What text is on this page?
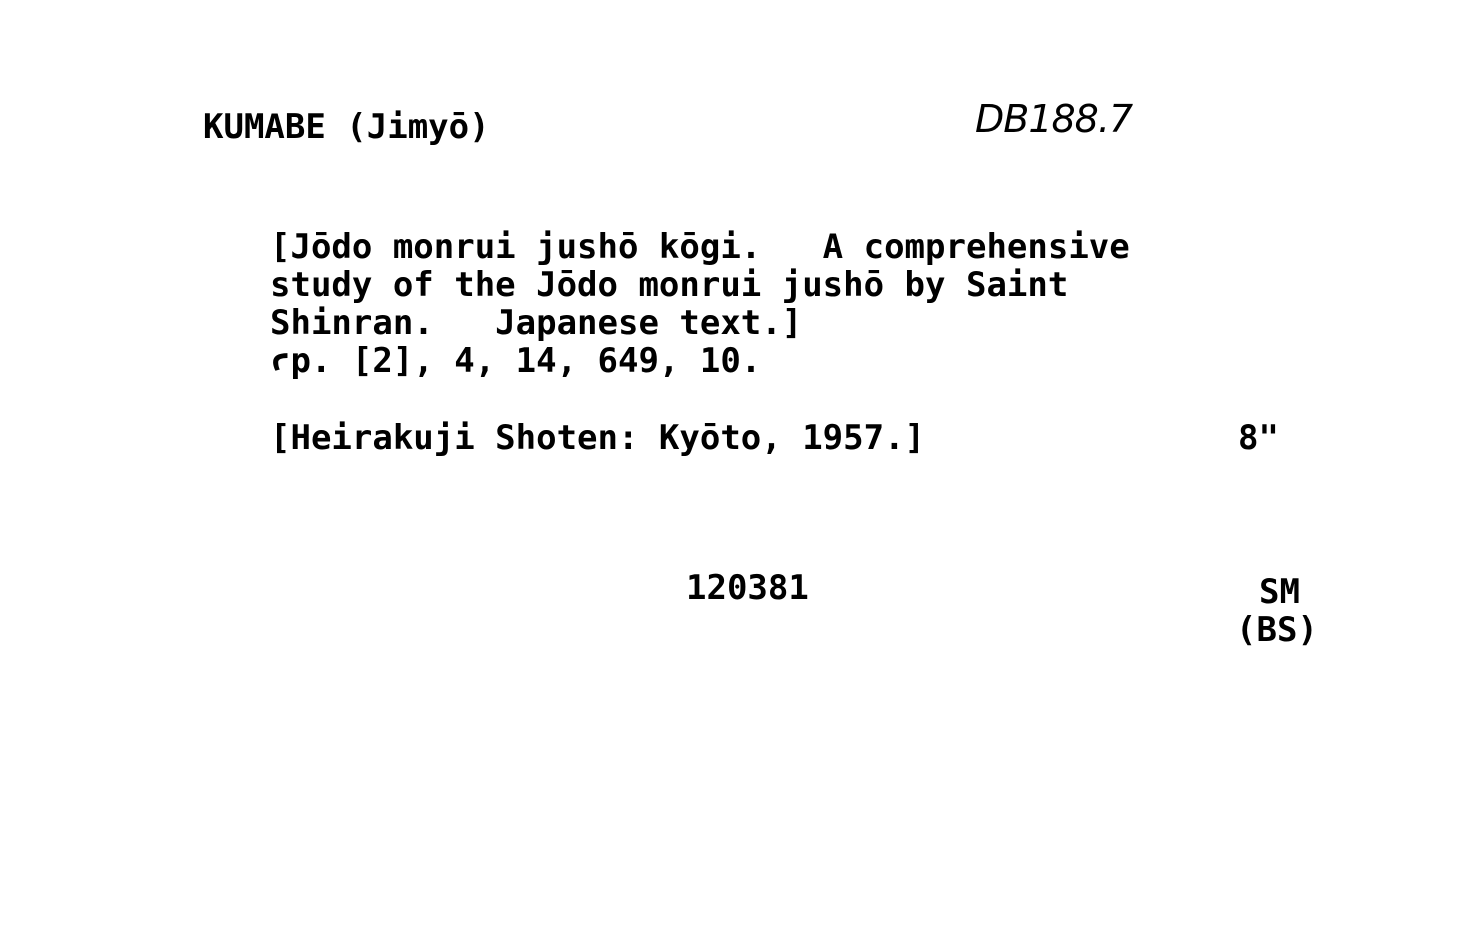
KUMABE (Jimyō)	DB188.7
[Jōdo monrui jushō kōgi.   A comprehensive
study of the Jōdo monrui jushō by Saint
Shinran.   Japanese text.]
ꜥp. [2], 4, 14, 649, 10.
[Heirakuji Shoten: Kyōto, 1957.]	8"
120381	SM
(BS)
